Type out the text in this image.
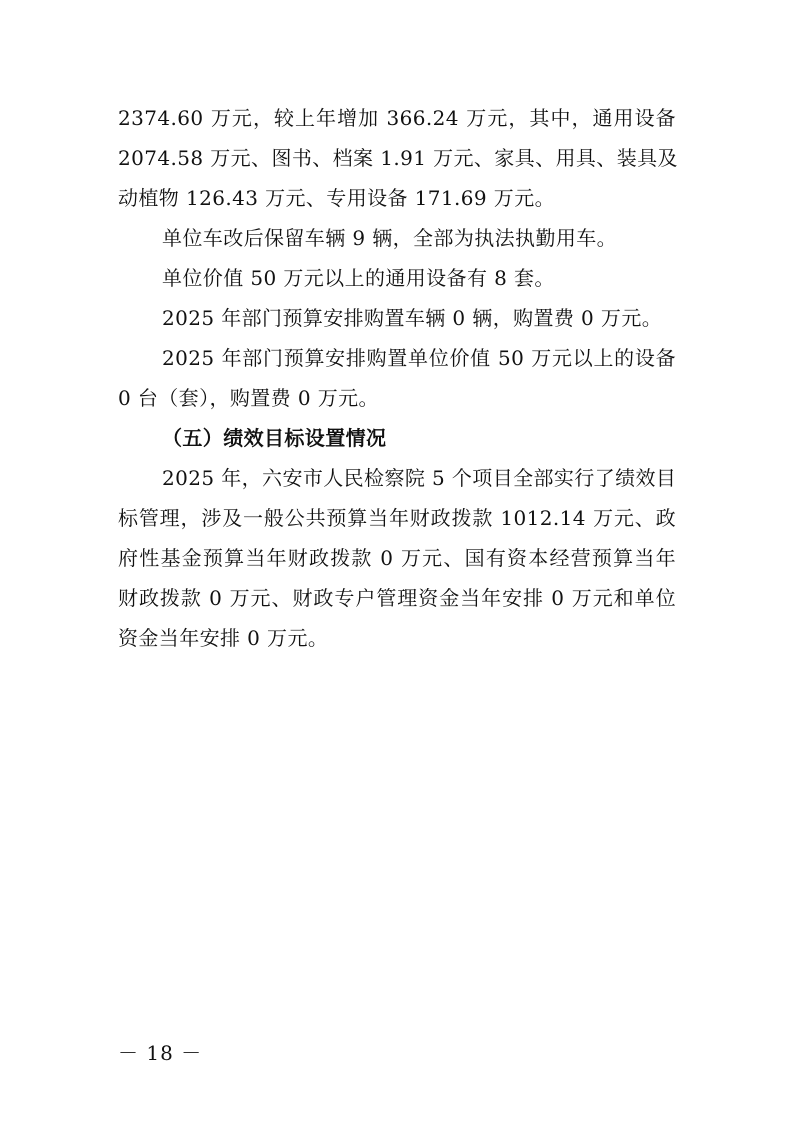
2374.60 万元，较上年增加 366.24 万元，其中，通用设备
2074.58 万元、图书、档案 1.91 万元、家具、用具、装具及
动植物 126.43 万元、专用设备 171.69 万元。
单位车改后保留车辆 9 辆，全部为执法执勤用车。
单位价值 50 万元以上的通用设备有 8 套。
2025 年部门预算安排购置车辆 0 辆，购置费 0 万元。
2025 年部门预算安排购置单位价值 50 万元以上的设备
0 台（套），购置费 0 万元。
（五）绩效目标设置情况
2025 年，六安市人民检察院 5 个项目全部实行了绩效目
标管理，涉及一般公共预算当年财政拨款 1012.14 万元、政
府性基金预算当年财政拨款 0 万元、国有资本经营预算当年
财政拨款 0 万元、财政专户管理资金当年安排 0 万元和单位
资金当年安排 0 万元。
－ 18 －
